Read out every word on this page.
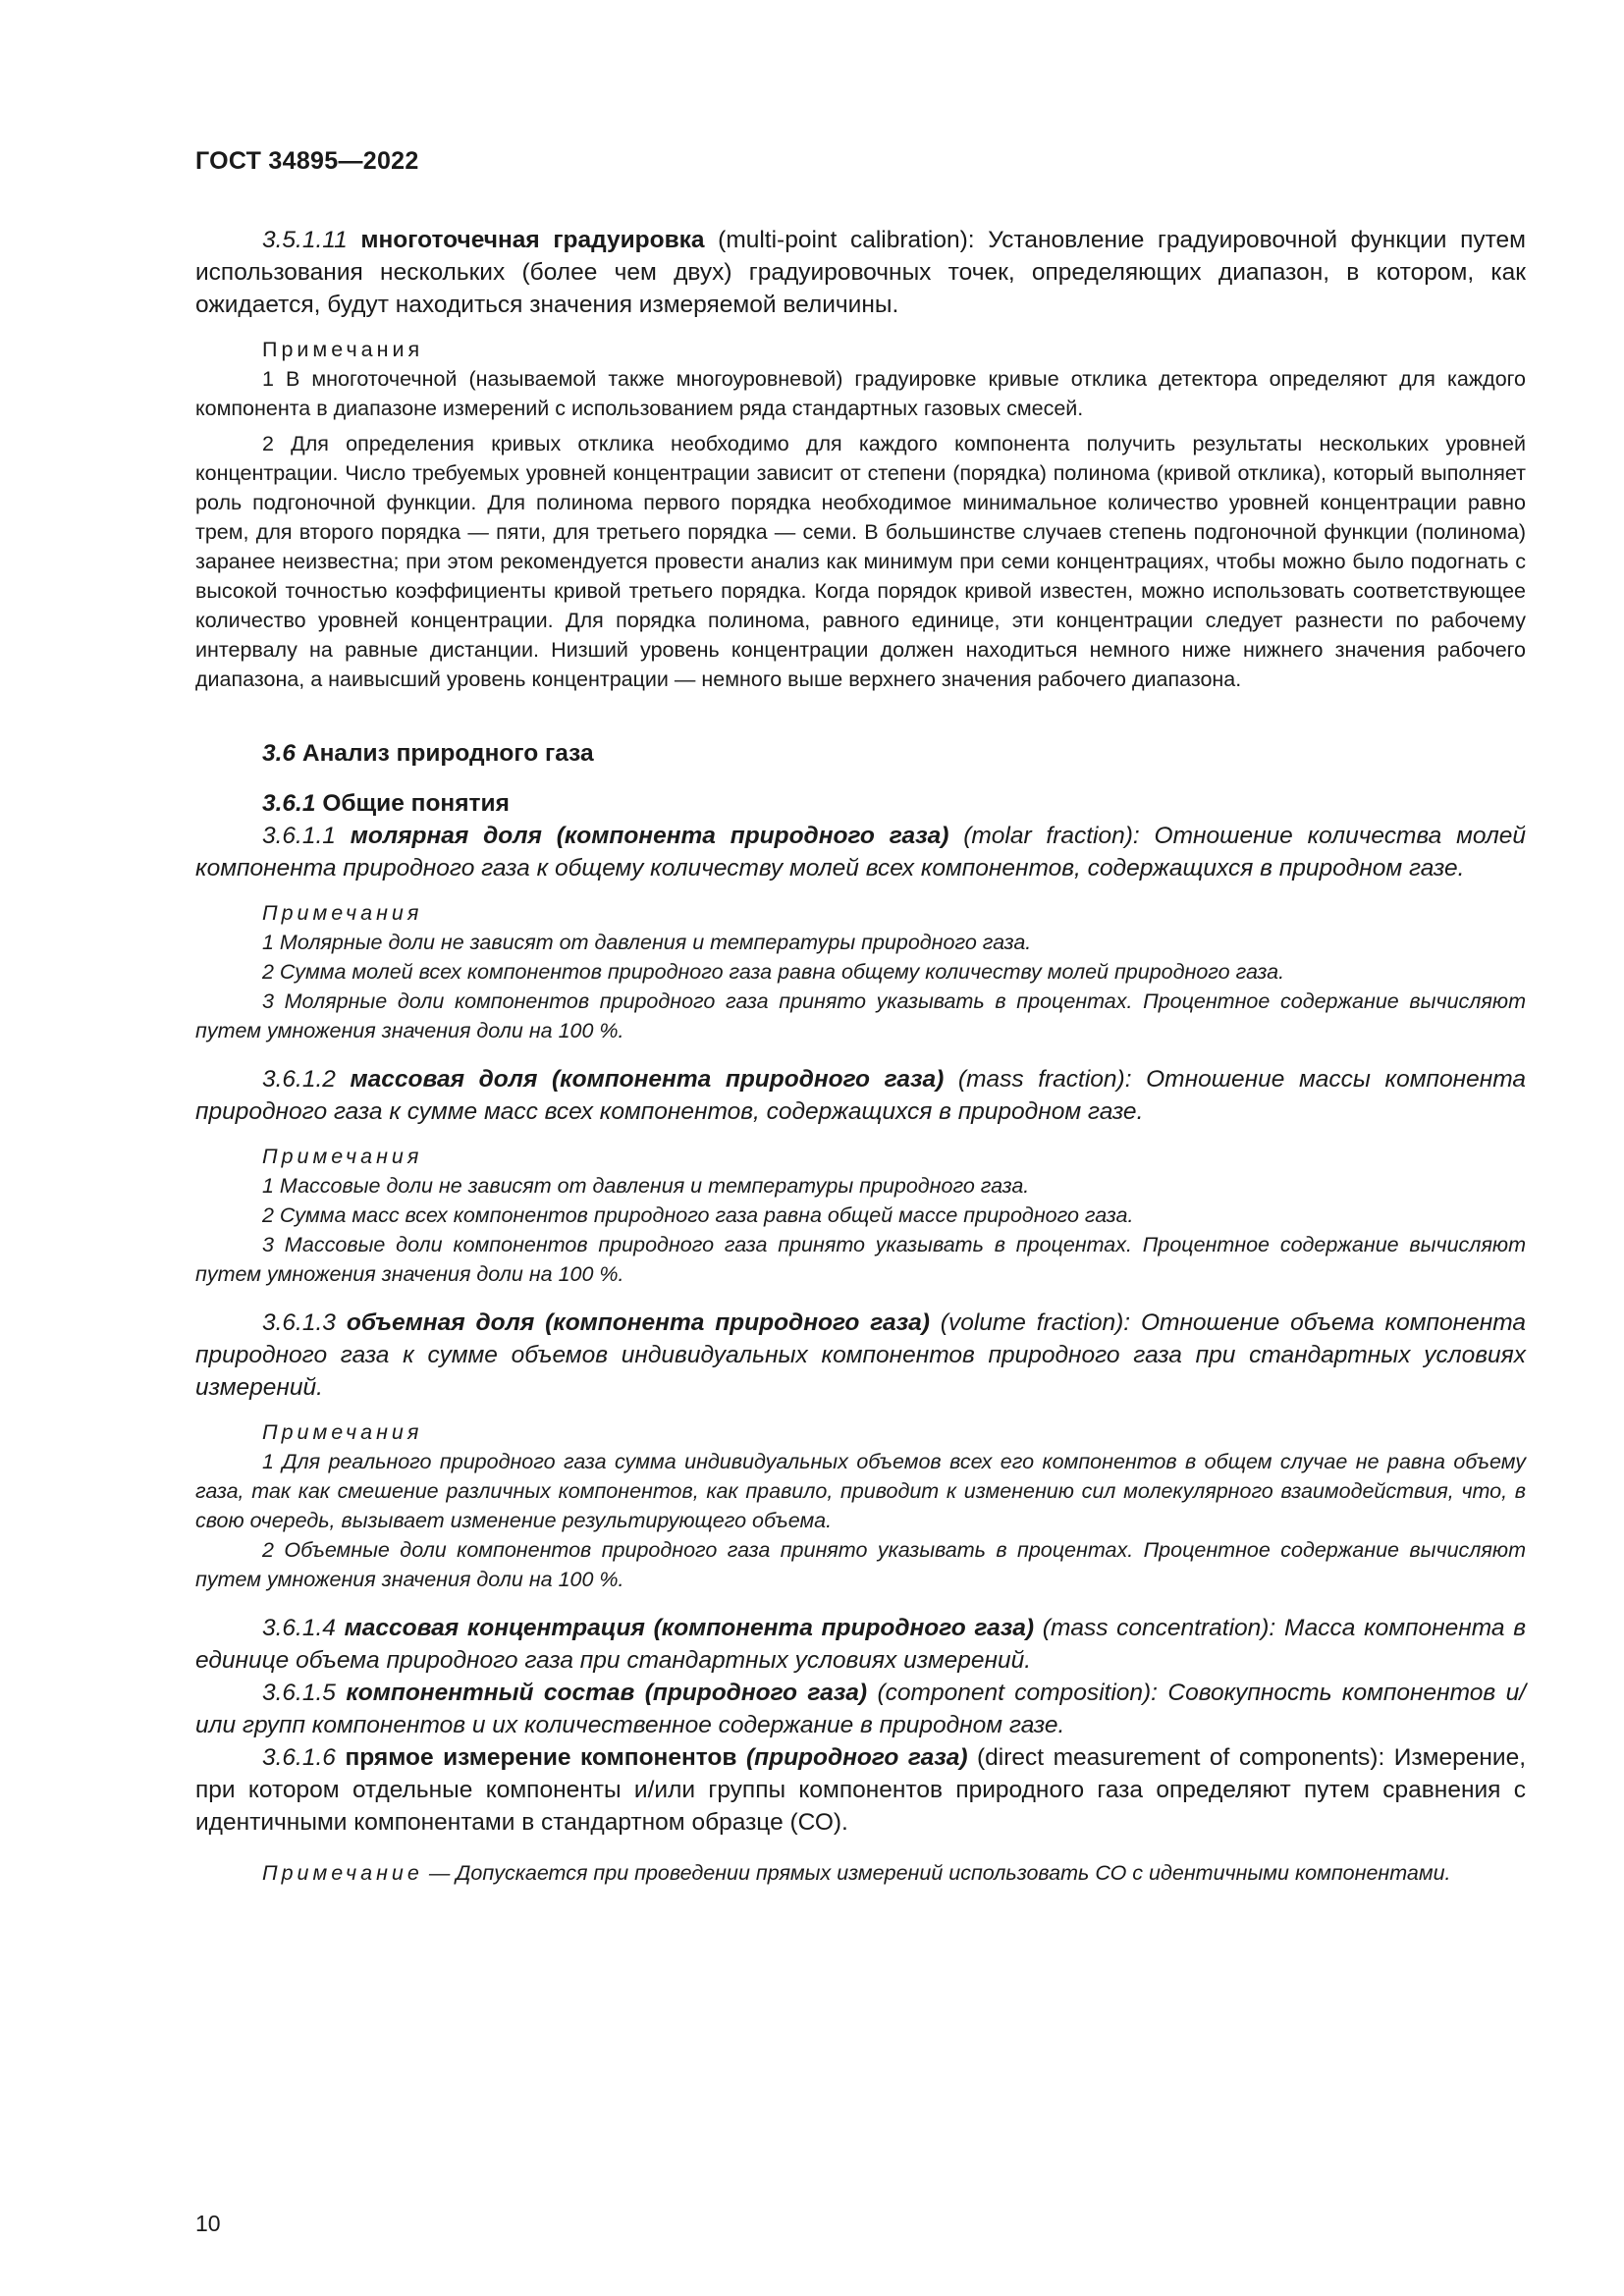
ГОСТ 34895—2022

3.5.1.11 многоточечная градуировка (multi-point calibration): Установление градуировочной функции путем использования нескольких (более чем двух) градуировочных точек, определяющих диапазон, в котором, как ожидается, будут находиться значения измеряемой величины.

Примечания

1 В многоточечной (называемой также многоуровневой) градуировке кривые отклика детектора определяют для каждого компонента в диапазоне измерений с использованием ряда стандартных газовых смесей.

2 Для определения кривых отклика необходимо для каждого компонента получить результаты нескольких уровней концентрации. Число требуемых уровней концентрации зависит от степени (порядка) полинома (кривой отклика), который выполняет роль подгоночной функции. Для полинома первого порядка необходимое минимальное количество уровней концентрации равно трем, для второго порядка — пяти, для третьего порядка — семи. В большинстве случаев степень подгоночной функции (полинома) заранее неизвестна; при этом рекомендуется провести анализ как минимум при семи концентрациях, чтобы можно было подогнать с высокой точностью коэффициенты кривой третьего порядка. Когда порядок кривой известен, можно использовать соответствующее количество уровней концентрации. Для порядка полинома, равного единице, эти концентрации следует разнести по рабочему интервалу на равные дистанции. Низший уровень концентрации должен находиться немного ниже нижнего значения рабочего диапазона, а наивысший уровень концентрации — немного выше верхнего значения рабочего диапазона.

3.6 Анализ природного газа

3.6.1 Общие понятия

3.6.1.1 молярная доля (компонента природного газа) (molar fraction): Отношение количества молей компонента природного газа к общему количеству молей всех компонентов, содержащихся в природном газе.

Примечания

1 Молярные доли не зависят от давления и температуры природного газа.

2 Сумма молей всех компонентов природного газа равна общему количеству молей природного газа.

3 Молярные доли компонентов природного газа принято указывать в процентах. Процентное содержание вычисляют путем умножения значения доли на 100 %.

3.6.1.2 массовая доля (компонента природного газа) (mass fraction): Отношение массы компонента природного газа к сумме масс всех компонентов, содержащихся в природном газе.

Примечания

1 Массовые доли не зависят от давления и температуры природного газа.

2 Сумма масс всех компонентов природного газа равна общей массе природного газа.

3 Массовые доли компонентов природного газа принято указывать в процентах. Процентное содержание вычисляют путем умножения значения доли на 100 %.

3.6.1.3 объемная доля (компонента природного газа) (volume fraction): Отношение объема компонента природного газа к сумме объемов индивидуальных компонентов природного газа при стандартных условиях измерений.

Примечания

1 Для реального природного газа сумма индивидуальных объемов всех его компонентов в общем случае не равна объему газа, так как смешение различных компонентов, как правило, приводит к изменению сил молекулярного взаимодействия, что, в свою очередь, вызывает изменение результирующего объема.

2 Объемные доли компонентов природного газа принято указывать в процентах. Процентное содержание вычисляют путем умножения значения доли на 100 %.

3.6.1.4 массовая концентрация (компонента природного газа) (mass concentration): Масса компонента в единице объема природного газа при стандартных условиях измерений.

3.6.1.5 компонентный состав (природного газа) (component composition): Совокупность компонентов и/или групп компонентов и их количественное содержание в природном газе.

3.6.1.6 прямое измерение компонентов (природного газа) (direct measurement of components): Измерение, при котором отдельные компоненты и/или группы компонентов природного газа определяют путем сравнения с идентичными компонентами в стандартном образце (СО).

Примечание — Допускается при проведении прямых измерений использовать СО с идентичными компонентами.

10
